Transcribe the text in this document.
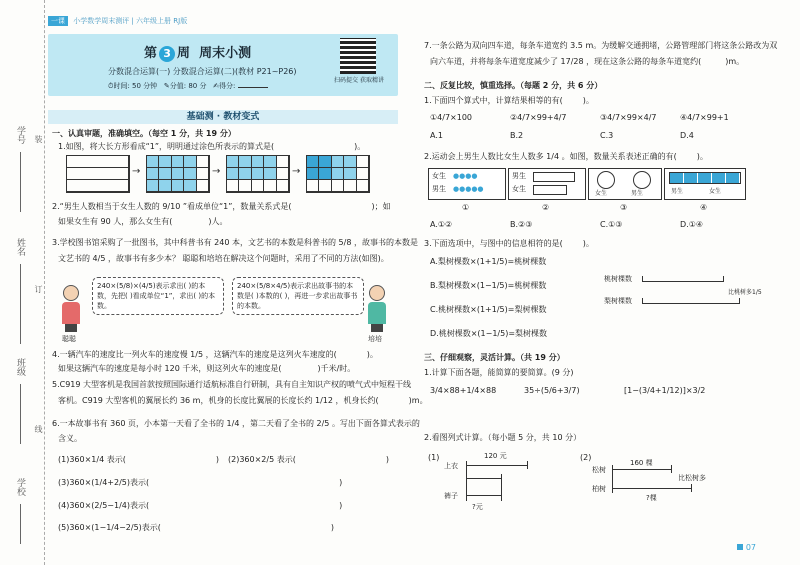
学号
姓名
班级
学校
装
订
线
一课 小学数学周末测评 | 六年级上册 RJ版
第 3 周 周末小测
分数混合运算(一) 分数混合运算(二)(教材 P21~P26)
⏱时间: 50 分钟 ✎分值: 80 分 ✍得分:
扫码提交 获取精讲
基础测 · 教材变式
一、认真审题，准确填空。（每空 1 分，共 19 分）
1.如图，将大长方形看成“1”，明明通过涂色所表示的算式是(	)。
→	→	→
2.“男生人数相当于女生人数的 9/10 ”看成单位“1”，数量关系式是(	)；如
如果女生有 90 人，那么女生有(	)人。
3.学校图书馆采购了一批图书，其中科普书有 240 本，文艺书的本数是科普书的 5/8 ，故事书的本数是
文艺书的 4/5 ，故事书有多少本？ 聪聪和培培在解决这个问题时，采用了不同的方法(如图)。
聪聪
240×(5/8)×(4/5)表示求出( )的本数，先把( )看成单位“1”，求出( )的本数。
240×(5/8×4/5)表示求出故事书的本数是( )本数的( )，再进一步求出故事书的本数。
培培
4.一辆汽车的速度比一列火车的速度慢 1/5 ，这辆汽车的速度是这列火车速度的(	)。
如果这辆汽车的速度是每小时 120 千米，则这列火车的速度是(	)千米/时。
5.C919 大型客机是我国首款按照国际通行适航标准自行研制，具有自主知识产权的喷气式中短程干线
客机。C919 大型客机的翼展长约 36 m，机身的长度比翼展的长度长约 1/12 ，机身长约(	)m。
6.一本故事书有 360 页，小本第一天看了全书的 1/4 ，第二天看了全书的 2/5 。写出下面各算式表示的
含义。
(1)360×1/4 表示(	) (2)360×2/5 表示(	)
(3)360×(1/4+2/5)表示(	)
(4)360×(2/5−1/4)表示(	)
(5)360×(1−1/4−2/5)表示(	)
7.一条公路为双向四车道，每条车道宽约 3.5 m。为缓解交通拥堵，公路管理部门将这条公路改为双
向六车道，并将每条车道宽度减少了 17/28 ，现在这条公路的每条车道宽约(	)m。
二、反复比较，慎重选择。（每题 2 分，共 6 分）
1.下面四个算式中，计算结果相等的有(	)。
①4/7×100	②4/7×99+4/7	③4/7×99×4/7	④4/7×99+1
A.1	B.2	C.3	D.4
2.运动会上男生人数比女生人数多 1/4 。如图，数量关系表述正确的有(	)。
女生 ●●●●
男生 ●●●●●
男生
女生
女生	男生	男生	女生
①	②	③	④
A.①②	B.②③	C.①③	D.①④
3.下面选项中，与图中的信息相符的是(	)。
A.梨树棵数×(1+1/5)=桃树棵数
B.梨树棵数×(1−1/5)=桃树棵数
C.桃树棵数×(1+1/5)=梨树棵数
D.桃树棵数×(1−1/5)=梨树棵数
桃树棵数
梨树棵数
比桃树多1/5
三、仔细观察，灵活计算。（共 19 分）
1.计算下面各题，能简算的要简算。(9 分)
3/4×88+1/4×88	35÷(5/6+3/7)	[1−(3/4+1/12)]×3/2
2.看图列式计算。（每小题 5 分，共 10 分）
(1)
上衣
120 元
裤子
?元
(2)
松树
160 棵
柏树
比松树多
?棵
07
